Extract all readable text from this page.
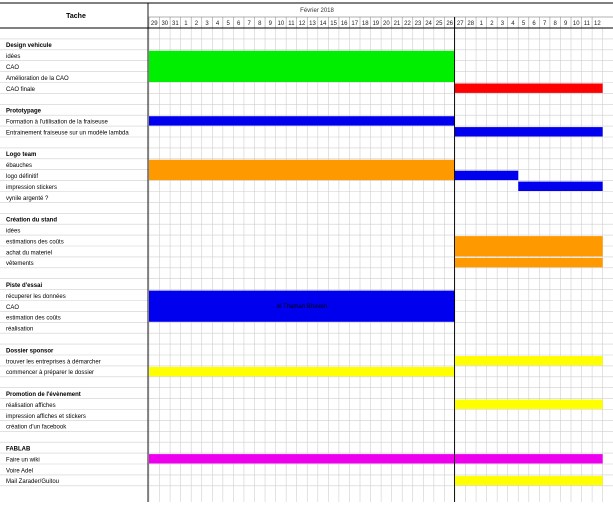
el Thaman Bhaveh
Tache
Février 2018
29 30 31 1 2 3 4 5 6 7 8 9 10 11 12 13 14 15 16 17 18 19 20 21 22 23 24 25 26 27 28 1 2 3 4 5 6 7 8 9 10 11 12
Design vehicule
idées
CAO
Amélioration de la CAO
CAO finale
Prototypage
Formation à l'utilisation de la fraiseuse
Entrainement fraiseuse sur un modèle lambda
Logo team
ébauches
logo définitif
impression stickers
vynile argenté ?
Création du stand
idées
estimations des coûts
achat du materiel
vêtements
Piste d'essai
récuperer les données
CAO
estimation des coûts
réalisation
Dossier sponsor
trouver les entreprises à démarcher
commencer à préparer le dossier
Promotion de l'évènement
réalisation affiches
impression affiches et stickers
création d'un facebook
FABLAB
Faire un wiki
Voire Adel
Mail Zarader/Guitou
